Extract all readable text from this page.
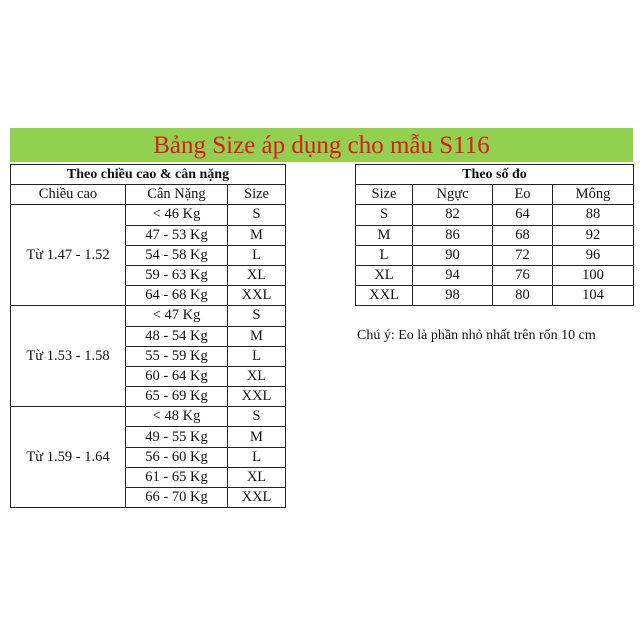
Bảng Size áp dụng cho mẫu S116
Theo chiều cao & cân nặng		
Chiều cao	Cân Nặng	Size
Từ 1.47 - 1.52	< 46 Kg	S
	47 - 53 Kg	M
	54 - 58 Kg	L
	59 - 63 Kg	XL
	64 - 68 Kg	XXL
Từ 1.53 - 1.58	< 47 Kg	S
	48 - 54 Kg	M
	55 - 59 Kg	L
	60 - 64 Kg	XL
	65 - 69 Kg	XXL
Từ 1.59 - 1.64	< 48 Kg	S
	49 - 55 Kg	M
	56 - 60 Kg	L
	61 - 65 Kg	XL
	66 - 70 Kg	XXL
Theo số đo			
Size	Ngực	Eo	Mông
S	82	64	88
M	86	68	92
L	90	72	96
XL	94	76	100
XXL	98	80	104
Chú ý: Eo là phần nhỏ nhất trên rốn 10 cm
